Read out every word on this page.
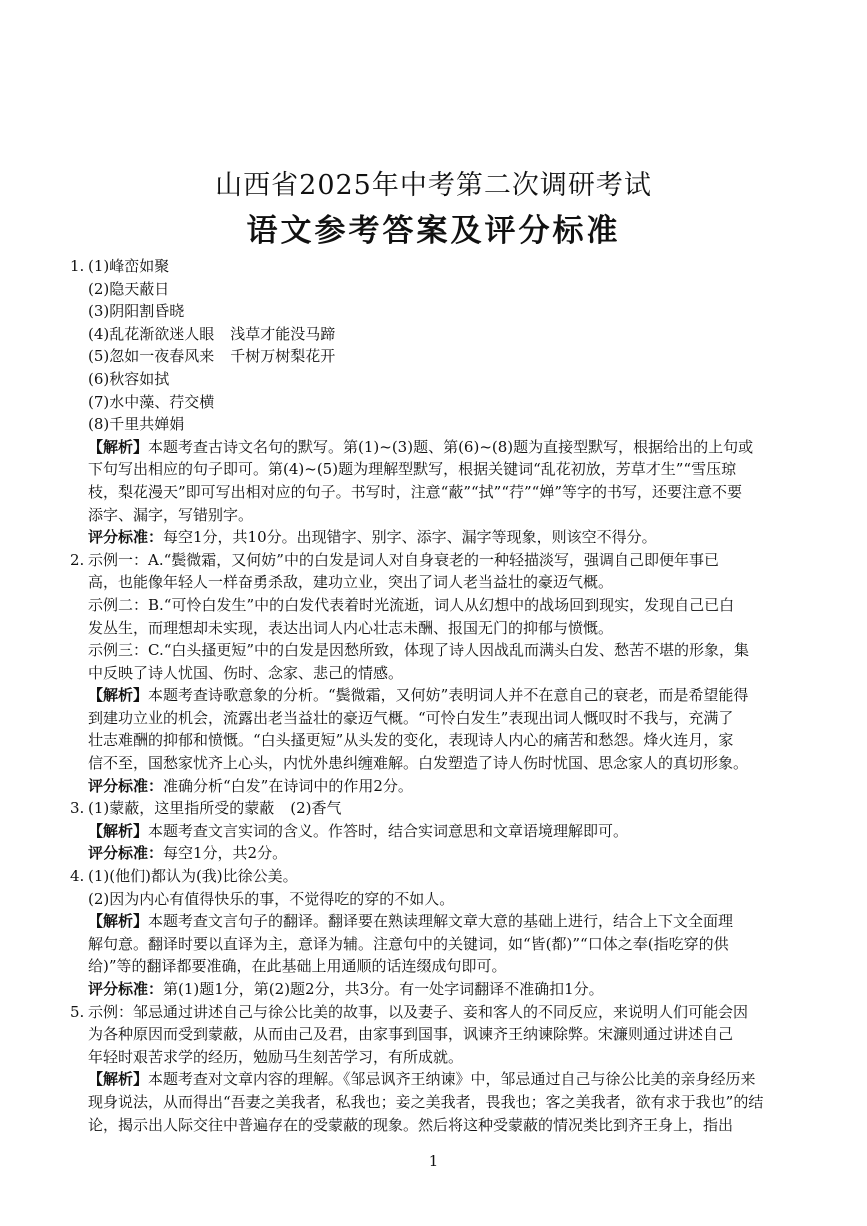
山西省2025年中考第二次调研考试
语文参考答案及评分标准
1. (1)峰峦如聚
(2)隐天蔽日
(3)阴阳割昏晓
(4)乱花渐欲迷人眼 浅草才能没马蹄
(5)忽如一夜春风来 千树万树梨花开
(6)秋容如拭
(7)水中藻、荇交横
(8)千里共婵娟
【解析】本题考查古诗文名句的默写。第(1)~(3)题、第(6)~(8)题为直接型默写，根据给出的上句或
下句写出相应的句子即可。第(4)~(5)题为理解型默写，根据关键词“乱花初放，芳草才生”“雪压琼
枝，梨花漫天”即可写出相对应的句子。书写时，注意“蔽”“拭”“荇”“婵”等字的书写，还要注意不要
添字、漏字，写错别字。
评分标准：每空1分，共10分。出现错字、别字、添字、漏字等现象，则该空不得分。
2. 示例一：A.“鬓微霜，又何妨”中的白发是词人对自身衰老的一种轻描淡写，强调自己即便年事已
高，也能像年轻人一样奋勇杀敌，建功立业，突出了词人老当益壮的豪迈气概。
示例二：B.“可怜白发生”中的白发代表着时光流逝，词人从幻想中的战场回到现实，发现自己已白
发丛生，而理想却未实现，表达出词人内心壮志未酬、报国无门的抑郁与愤慨。
示例三：C.“白头搔更短”中的白发是因愁所致，体现了诗人因战乱而满头白发、愁苦不堪的形象，集
中反映了诗人忧国、伤时、念家、悲己的情感。
【解析】本题考查诗歌意象的分析。“鬓微霜，又何妨”表明词人并不在意自己的衰老，而是希望能得
到建功立业的机会，流露出老当益壮的豪迈气概。“可怜白发生”表现出词人慨叹时不我与，充满了
壮志难酬的抑郁和愤慨。“白头搔更短”从头发的变化，表现诗人内心的痛苦和愁怨。烽火连月，家
信不至，国愁家忧齐上心头，内忧外患纠缠难解。白发塑造了诗人伤时忧国、思念家人的真切形象。
评分标准：准确分析“白发”在诗词中的作用2分。
3. (1)蒙蔽，这里指所受的蒙蔽 (2)香气
【解析】本题考查文言实词的含义。作答时，结合实词意思和文章语境理解即可。
评分标准：每空1分，共2分。
4. (1)(他们)都认为(我)比徐公美。
(2)因为内心有值得快乐的事，不觉得吃的穿的不如人。
【解析】本题考查文言句子的翻译。翻译要在熟读理解文章大意的基础上进行，结合上下文全面理
解句意。翻译时要以直译为主，意译为辅。注意句中的关键词，如“皆(都)”“口体之奉(指吃穿的供
给)”等的翻译都要准确，在此基础上用通顺的话连缀成句即可。
评分标准：第(1)题1分，第(2)题2分，共3分。有一处字词翻译不准确扣1分。
5. 示例：邹忌通过讲述自己与徐公比美的故事，以及妻子、妾和客人的不同反应，来说明人们可能会因
为各种原因而受到蒙蔽，从而由己及君，由家事到国事，讽谏齐王纳谏除弊。宋濂则通过讲述自己
年轻时艰苦求学的经历，勉励马生刻苦学习，有所成就。
【解析】本题考查对文章内容的理解。《邹忌讽齐王纳谏》中，邹忌通过自己与徐公比美的亲身经历来
现身说法，从而得出“吾妻之美我者，私我也；妾之美我者，畏我也；客之美我者，欲有求于我也”的结
论，揭示出人际交往中普遍存在的受蒙蔽的现象。然后将这种受蒙蔽的情况类比到齐王身上，指出
1
